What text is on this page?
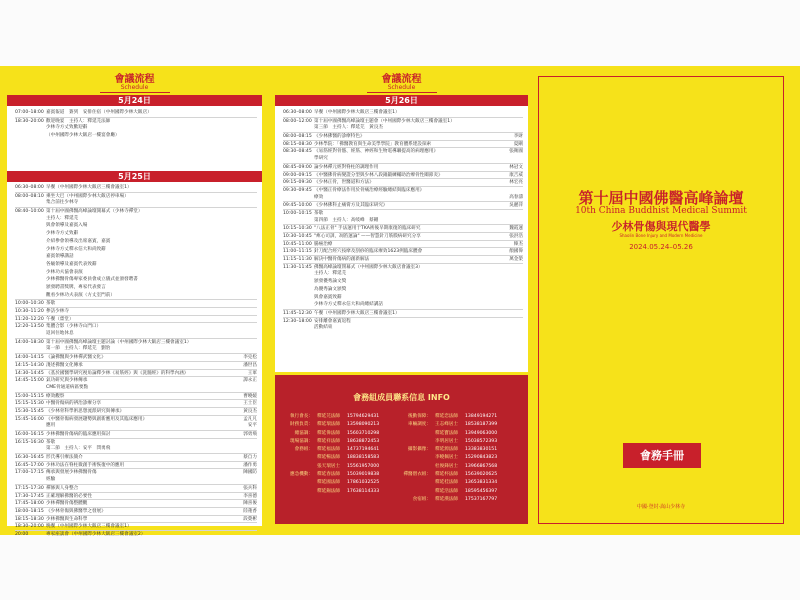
會議流程
Schedule
5月24日
07:00–18:00 嘉賓報道　簽到　安排住宿（中州國際少林大飯店）
18:30–20:00 歡迎晚宴　主持人：釋延芫法師
少林寺方丈致歡迎辭
（中州國際少林大飯店一樓宴會廳）
5月25日
06:30–08:00 早餐（中州國際少林大飯店三樓會議室1）
08:00–08:10 乘坐大巴（中州國際少林大飯店停車場）
集合前往少林寺
08:40–10:00 第十屆中國佛醫高峰論壇開幕式（少林寺禪堂）
主持人：釋延芫
與會領導及嘉賓入場
少林寺方丈致辭
介紹參會領導及出席嘉賓，嘉賓
少林寺方丈釋永信大和尚致辭
嘉賓領導講話
各級領導及嘉賓代表致辭
少林功夫協會表演
少林佛醫骨傷專家委員會成立儀式並頒發聘書
頒發聘書獎牌，專家代表發言
觀看少林功夫表演（方丈室門前）
10:00–10:30 茶歇
10:30–11:20 參訪少林寺
11:20–12:20 午餐（齋堂）
12:20–13:50 集體合影（少林寺山門口）
返回住地休息
14:00–18:30 第十屆中國佛醫高峰論壇主題討論（中州國際少林大飯店三樓會議室1）
第一節　主持人：釋延芫　劉豹
14:00–14:15 《論佛醫與少林禪武醫文化》	李克松
14:15–14:30 淺述佛醫文化傳承	潘世昌
14:30–14:45 《基於國醫學研究視角論釋少林《易筋經》與《洗髓經》的科學內涵》	王軍
14:45–15:00 氣功研究與少林傳承	譚永正
CME骨通道病區要點
15:00–15:15 療效觀察	曹曉媛
15:15–15:30 中醫骨傷病的辨治診療分享	王士臣
15:30–15:45 《少林骨科學術思想流派研究與傳承》	黃良杰
15:45–16:00 《中醫骨傷病發展趨勢與創新應用及其臨床應用》	孟凡凡
應用	安平
16:00–16:15 少林佛醫骨傷病的臨床應用探討	郭勇飛
16:15–16:30 茶歇
第二節　主持人：安平　閆勇飛
16:30–16:45 形氏導引療法簡介	蔡自力
16:45–17:00 少林功法在脊柱微創手術恢復中的應用	潘作勇
17:00–17:15 傳承與發展少林佛醫骨傷	陳國防
經驗
17:15–17:30 禪修與人身整合	張兵科
17:30–17:45 正確理解佛醫的必要性	李喜德
17:45–18:00 少林禪醫骨傷整體觀	陳喜俊
18:00–18:15 《少林骨傷與佛醫學之發展》	陸蓮香
18:15–18:30 少林佛醫與生命科學	段榮彬
18:30–20:00 晚餐（中州國際少林大飯店三樓會議室1）
20:00	專家座談會（中州國際少林大飯店三樓會議室2）
會議流程
Schedule
5月26日
06:30–08:00 早餐（中州國際少林大飯店三樓會議室1）
08:00–12:00 第十屆中國佛醫高峰論壇主題會（中州國際少林大飯店三樓會議室1）
第三節　主持人：釋延芫　黃良杰
08:00–08:15 《少林佛醫的診療特色》	李財
08:15–08:30 少林學院：「佛醫教育與生命美學學院」教育體系建設探索	夏剛
08:30–08:45 《易筋經對骨骼、經筋、神經和生物電導聯提高的病理應用》	張衛國
學研究
08:45–09:00 論少林禪元經對脊柱的調理作用	林冠文
09:00–09:15 《中醫佛骨病變證分型與少林八段錦鍛練輔助治療骨性關節炎》	康吉威
09:15–09:30 《少林正骨，世醫道和方法》	林宏亮
09:30–09:45 《中醫正骨療法作用於骨痛治療經驗總結與臨床應用》
療效	高春濤
09:45–10:00 《少林佛科止痛膏方及其臨床研究》	吳麗萍
10:00–10:15 茶歇
第四節　主持人：高岐峰　蔡剛
10:15–10:30 "八法正骨" 手法運用于TKA術後早期康復的臨床研究	魏霞運
10:30–10:45 "痺心司訓，凋笛運論" ——智慧針刀筋膜病研究分享	張洪浩
10:45–11:00 腸癌治療	韓杰
11:00–11:15 針刀配合經穴按摩及刮痧的臨床療效1623例臨床體會	顏國偉
11:15–11:30 解決中醫骨傷病的創新解法	萬金榮
11:30–11:45 佛醫高峰論壇閉幕式（中州國際少林大飯店會議室3）
主持人：釋延芫
頒發優秀論文獎
為優秀論文頒獎
與會嘉賓致辭
少林寺方丈釋永信大和尚總結講話
11:45–12:30 午餐（中州國際少林大飯店三樓會議室1）
12:30–18:00 安排離會嘉賓返程
活動結束
會務組成員聯系信息 INFO
執行會長： 釋延芫法師	15794629431	後勤保障： 釋延恋法師	13849194271
財務負責： 釋延瑞法師	13598090213	車輛調度： 王志峰居士	18538187399
總協調： 釋延偉法師	15603710298	釋延寶法師	13949063000
現場協調： 釋延祥法師	18638872453	李明居居士	15038572393
會務組： 釋延福法師	14737194641	攝影攝像： 釋延源法師	13383830151
釋延暢法師	18838158583	李曉佩居士	15290843823
張天瑞居士	15561957000	杜俊鋒居士	13966867568
應急機動： 釋延春法師	15039019838	禪醫僧衣組： 釋延杯法師	15639020625
釋延國法師	17861032525	釋延桂法師	13653831334
釋延錫法師	17638114333	釋延浩法師	18595456397
食宿組： 釋延漢法師	17537167797
第十屆中國佛醫高峰論壇
10th China Buddhist Medical Summit
少林骨傷與現代醫學
Shaolin Bone Injury and Modern Medicine
2024.05.24–05.26
會務手冊
中國·登封·嵩山少林寺
